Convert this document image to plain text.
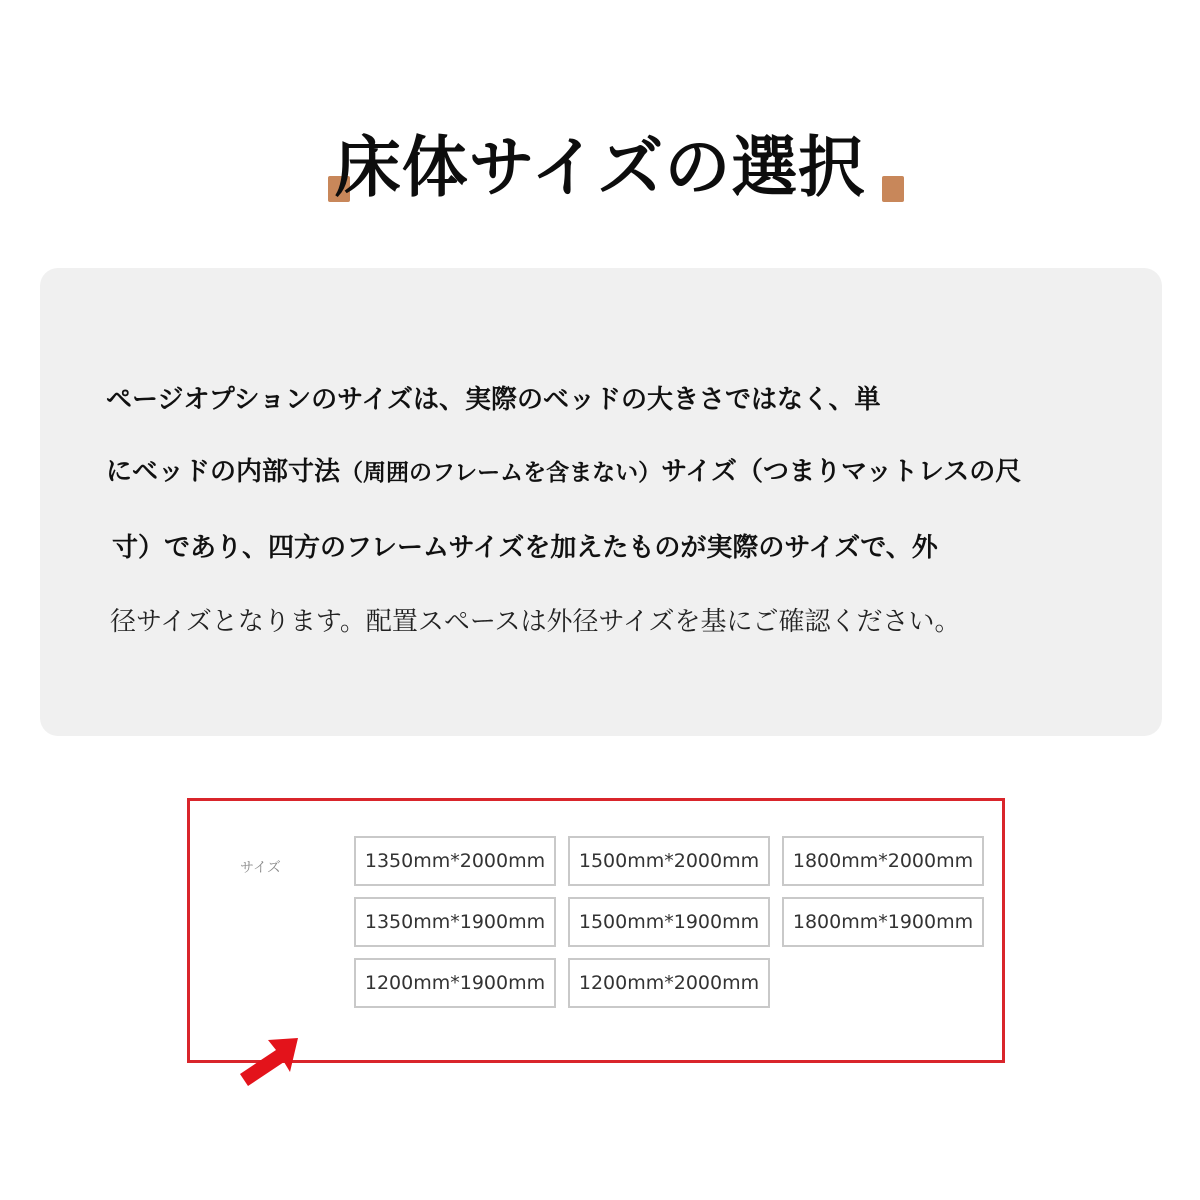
床体サイズの選択
ページオプションのサイズは、実際のベッドの大きさではなく、単
にベッドの内部寸法（周囲のフレームを含まない）サイズ（つまりマットレスの尺
寸）であり、四方のフレームサイズを加えたものが実際のサイズで、外
径サイズとなります。配置スペースは外径サイズを基にご確認ください。
サイズ	1350mm*2000mm	1500mm*2000mm	1800mm*2000mm
1350mm*1900mm	1500mm*1900mm	1800mm*1900mm
1200mm*1900mm	1200mm*2000mm
